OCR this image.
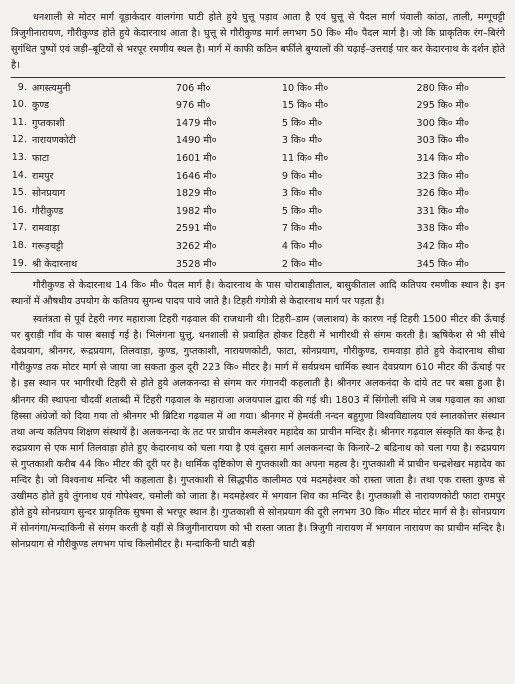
धनशाली से मोटर मार्ग वूड़ाकेदार वालगंगा घाटी होते हुये घुत्तू पड़ाव आता है एवं घुत्तू से पैदल मार्ग पंवाली कांठा, ताली, मग्गूचट्टी त्रिजुगीनारायण, गौरीकुण्ड होते हुये केदारनाथ आता है। घुत्तू से गौरीकुण्ड मार्ग लगभग 50 कि० मी० पैदल मार्ग है। जो कि प्राकृतिक रंग–बिरंगे सुगंधित पुष्पों एवं जड़ी–बूटियों से भरपूर रमणीय स्थल है। मार्ग में काफी कठिन बर्फीले बुग्यालों की चढ़ाई–उत्तराई पार कर केदारनाथ के दर्शन होते है।

9.	अगस्त्यमुनी	706 मी०	10 कि० मी०	280 कि० मी०
10.	कुण्ड	976 मी०	15 कि० मी०	295 कि० मी०
11.	गुप्तकाशी	1479 मी०	5 कि० मी०	300 कि० मी०
12.	नारायणकोटी	1490 मी०	3 कि० मी०	303 कि० मी०
13.	फाटा	1601 मी०	11 कि० मी०	314 कि० मी०
14.	रामपुर	1646 मी०	9 कि० मी०	323 कि० मी०
15.	सोनप्रयाग	1829 मी०	3 कि० मी०	326 कि० मी०
16.	गौरीकुण्ड	1982 मी०	5 कि० मी०	331 कि० मी०
17.	रामवाड़ा	2591 मी०	7 कि० मी०	338 कि० मी०
18.	गरूड़चट्टी	3262 मी०	4 कि० मी०	342 कि० मी०
19.	श्री केदारनाथ	3528 मी०	2 कि० मी०	345 कि० मी०

गौरीकुण्ड से केदारनाथ 14 कि० मी० पैदल मार्ग है। केदारनाथ के पास चोराबाड़ीताल, बासुकीताल आदि कतिपय रमणीक स्थान है। इन स्थानों में औषधीय उपयोग के कतिपय सुगन्ध पादप पाये जाते है। टिहरी गंगोत्री से केदारनाथ मार्ग पर पड़ता है।

स्वतंत्रता से पूर्व टेहरी नगर महाराजा टिहरी गढ़वाल की राजधानी थी। टिहरी–डाम (जलाशय) के कारण नई टिहरी 1500 मीटर की ऊँचाई पर बुराड़ी गाँव के पास बसाई गई है। भिलंगना घुत्तु, धनशाली से प्रवाहित होकर टिहरी में भागीरथी से संगम करती है। ऋषिकेश से भी सीधे देवप्रयाग, श्रीनगर, रूद्रप्रयाग, तिलवाड़ा, कुण्ड, गुप्तकाशी, नारायणकोटी, फाटा, सोनप्रयाग, गौरीकुण्ड, रामवाड़ा होते हुये केदारनाथ सीधा गौरीकुण्ड तक मोटर मार्ग से जाया जा सकता कुल दूरी 223 कि० मीटर है। मार्ग में सर्वप्रथम धार्मिक स्थान देवप्रयाग 610 मीटर की ऊँचाई पर है। इस स्थान पर भागीरथी टिहरी से होते हुये अलकनन्दा से संगम कर गंगानदी कहलाती है। श्रीनगर अलकनंदा के दांये तट पर बसा हुआ है। श्रीनगर की स्थापना चौदवीं शताब्दी में टिहरी गढ़वाल के महाराजा अजयपाल द्वारा की गई थी। 1803 में सिंगोली संधि मे जब गढ़वाल का आधा हिस्सा अंग्रेजों को दिया गया तो श्रीनगर भी ब्रिटिश गढ़वाल में आ गया। श्रीनगर में हेमवंती नन्दन बहुगुणा विश्वविद्यालय एवं स्नातकोत्तर संस्थान तथा अन्य कतिपय शिक्षण संस्थायें है। अलकनन्दा के तट पर प्राचीन कमलेश्वर महादेव का प्राचीन मन्दिर है। श्रीनगर गढ़वाल संस्कृति का केन्द्र है। रुद्रप्रयाग से एक मार्ग तिलवाड़ा होते हुए केदारनाथ को चला गया है एवं दूसरा मार्ग अलकनन्दा के किनारे–2 बद्रिनाथ को चला गया है। रुद्रप्रयाग से गुप्तकाशी करीब 44 कि० मीटर की दूरी पर है। धार्मिक दृष्टिकोण से गुप्तकाशी का अपना महत्व है। गुप्तकाशी में प्राचीन चन्द्रशेखर महादेव का मन्दिर है। जो विश्वनाथ मन्दिर भी कहलाता है। गुप्तकाशी से सिद्धपीठ कालीमठ एवं मदमहेश्वर को रास्ता जाता है। तथा एक रास्ता कुण्ड से उखीमठ होते हुये तुंगनाथ एवं गोपेश्वर, चमोली को जाता है। मदमहेश्वर में भगवान शिव का मन्दिर है। गुप्तकाशी से नारायणकोटी फाटा रामपुर होते हुये सोनप्रयाग सुन्दर प्राकृतिक सुषमा से भरपूर स्थान है। गुप्तकाशी से सोनप्रयाग की दूरी लगभग 30 कि० मीटर मोटर मार्ग से है। सोनप्रयाग में सोनगंगा/मन्दाकिनी से संगम करती है यहीं से त्रिजुगीनारायण को भी रास्ता जाता है। त्रिजुगी नारायण में भगवान नारायण का प्राचीन मन्दिर है। सोनप्रयाग से गौरीकुण्ड लगभग पांच किलोमीटर है। मन्दाकिनी घाटी बड़ी
